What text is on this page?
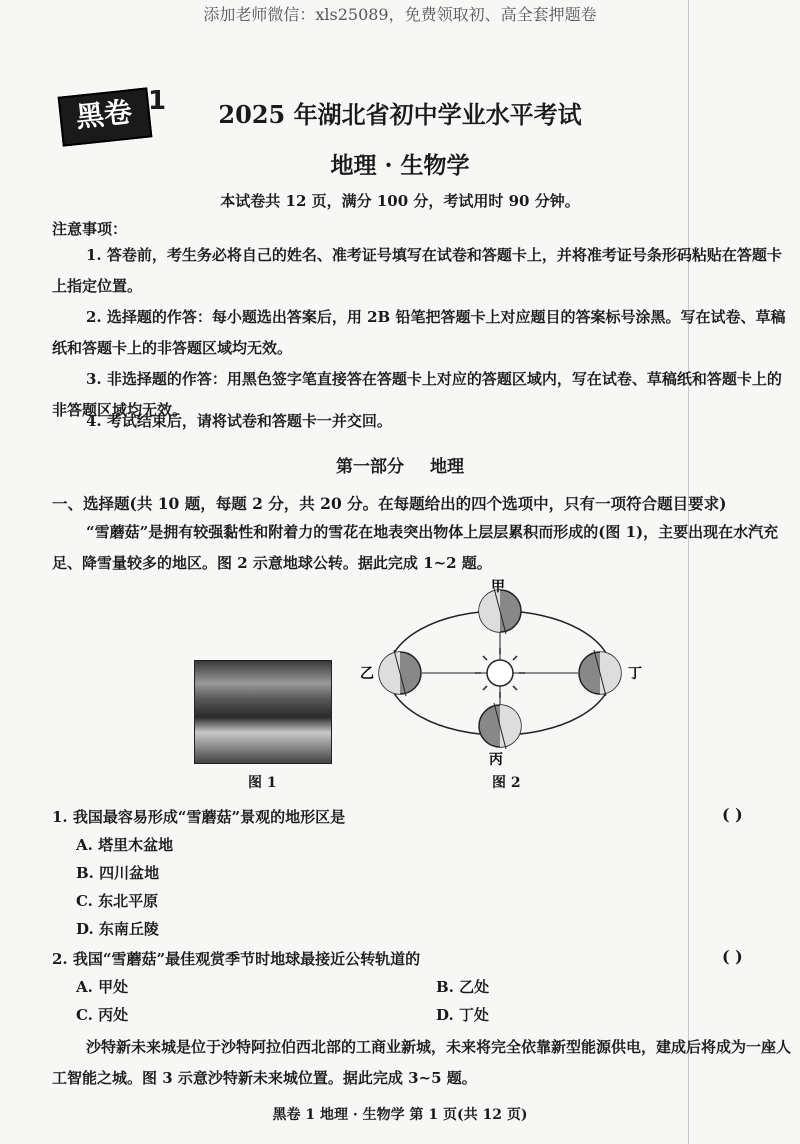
添加老师微信：xls25089，免费领取初、高全套押题卷
黑卷 1	2025 年湖北省初中学业水平考试
地理 · 生物学
本试卷共 12 页，满分 100 分，考试用时 90 分钟。
注意事项：
1. 答卷前，考生务必将自己的姓名、准考证号填写在试卷和答题卡上，并将准考证号条形码粘贴在答题卡上指定位置。
2. 选择题的作答：每小题选出答案后，用 2B 铅笔把答题卡上对应题目的答案标号涂黑。写在试卷、草稿纸和答题卡上的非答题区域均无效。
3. 非选择题的作答：用黑色签字笔直接答在答题卡上对应的答题区域内，写在试卷、草稿纸和答题卡上的非答题区域均无效。
4. 考试结束后，请将试卷和答题卡一并交回。
第一部分 地理
一、选择题(共 10 题，每题 2 分，共 20 分。在每题给出的四个选项中，只有一项符合题目要求)
“雪蘑菇”是拥有较强黏性和附着力的雪花在地表突出物体上层层累积而形成的(图 1)，主要出现在水汽充足、降雪量较多的地区。图 2 示意地球公转。据此完成 1~2 题。
图 1
甲
乙
丙
丁
图 2
1. 我国最容易形成“雪蘑菇”景观的地形区是	( )
A. 塔里木盆地
B. 四川盆地
C. 东北平原
D. 东南丘陵
2. 我国“雪蘑菇”最佳观赏季节时地球最接近公转轨道的	( )
A. 甲处	B. 乙处
C. 丙处	D. 丁处
沙特新未来城是位于沙特阿拉伯西北部的工商业新城，未来将完全依靠新型能源供电，建成后将成为一座人工智能之城。图 3 示意沙特新未来城位置。据此完成 3~5 题。
黑卷 1 地理 · 生物学 第 1 页(共 12 页)
